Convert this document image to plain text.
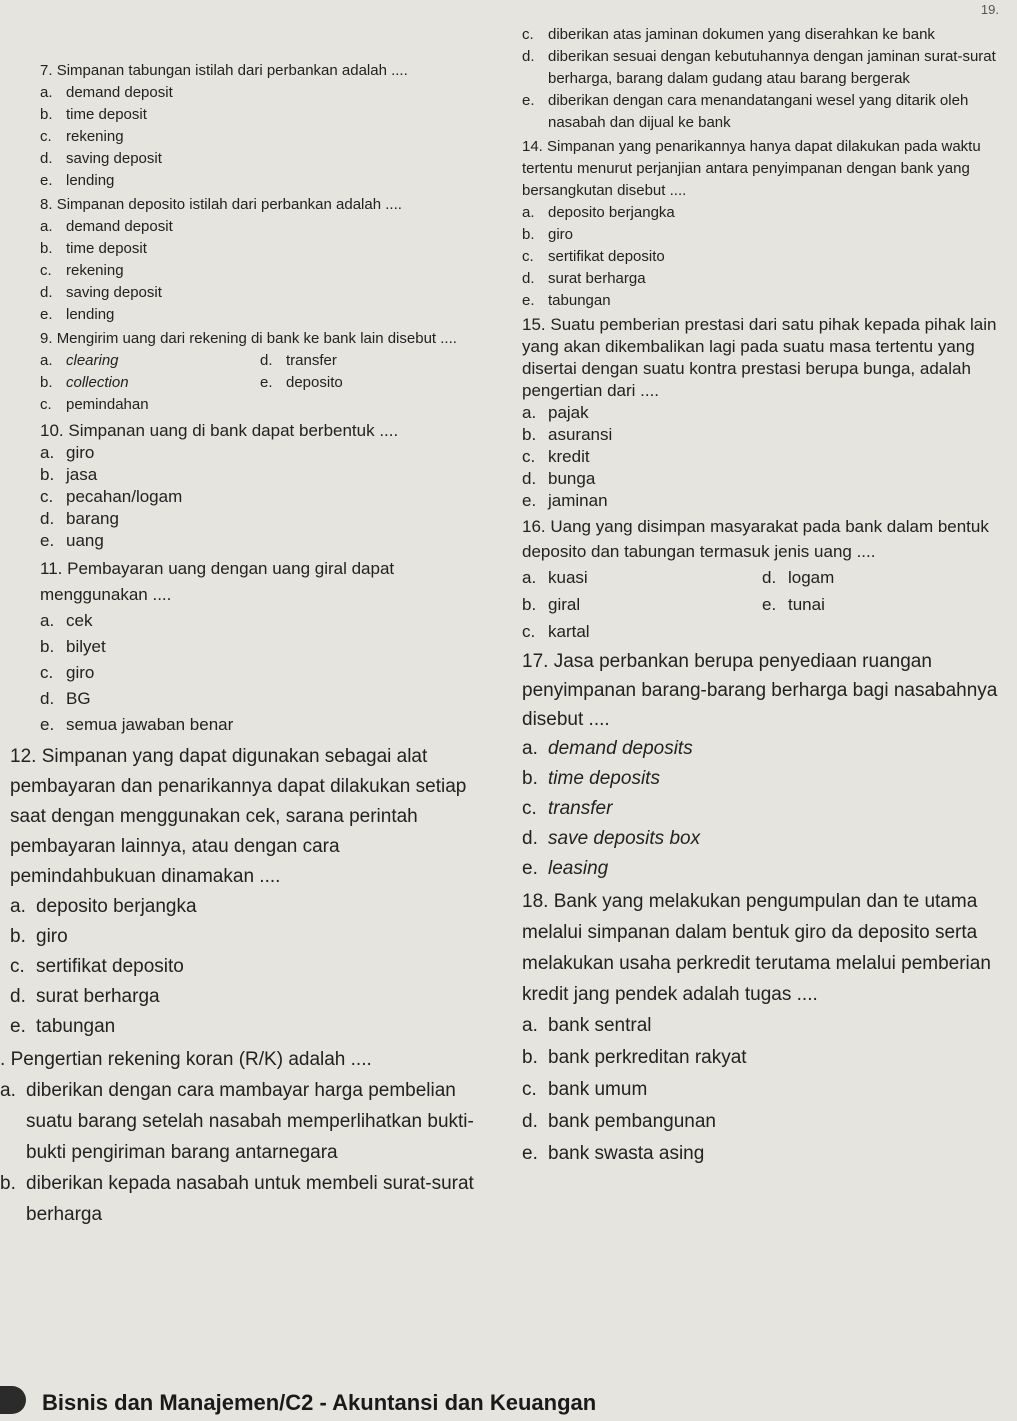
19.
7. Simpanan tabungan istilah dari perbankan adalah ....
a. demand deposit
b. time deposit
c. rekening
d. saving deposit
e. lending
8. Simpanan deposito istilah dari perbankan adalah ....
a. demand deposit
b. time deposit
c. rekening
d. saving deposit
e. lending
9. Mengirim uang dari rekening di bank ke bank lain disebut ....
a. clearing	d. transfer
b. collection	e. deposito
c. pemindahan
10. Simpanan uang di bank dapat berbentuk ....
a. giro
b. jasa
c. pecahan/logam
d. barang
e. uang
11. Pembayaran uang dengan uang giral dapat menggunakan ....
a. cek
b. bilyet
c. giro
d. BG
e. semua jawaban benar
12. Simpanan yang dapat digunakan sebagai alat pembayaran dan penarikannya dapat dilakukan setiap saat dengan menggunakan cek, sarana perintah pembayaran lainnya, atau dengan cara pemindahbukuan dinamakan ....
a. deposito berjangka
b. giro
c. sertifikat deposito
d. surat berharga
e. tabungan
. Pengertian rekening koran (R/K) adalah ....
a. diberikan dengan cara mambayar harga pembelian suatu barang setelah nasabah memperlihatkan bukti-bukti pengiriman barang antarnegara
b. diberikan kepada nasabah untuk membeli surat-surat berharga
c. diberikan atas jaminan dokumen yang diserahkan ke bank
d. diberikan sesuai dengan kebutuhannya dengan jaminan surat-surat berharga, barang dalam gudang atau barang bergerak
e. diberikan dengan cara menandatangani wesel yang ditarik oleh nasabah dan dijual ke bank
14. Simpanan yang penarikannya hanya dapat dilakukan pada waktu tertentu menurut perjanjian antara penyimpanan dengan bank yang bersangkutan disebut ....
a. deposito berjangka
b. giro
c. sertifikat deposito
d. surat berharga
e. tabungan
15. Suatu pemberian prestasi dari satu pihak kepada pihak lain yang akan dikembalikan lagi pada suatu masa tertentu yang disertai dengan suatu kontra prestasi berupa bunga, adalah pengertian dari ....
a. pajak
b. asuransi
c. kredit
d. bunga
e. jaminan
16. Uang yang disimpan masyarakat pada bank dalam bentuk deposito dan tabungan termasuk jenis uang ....
a. kuasi	d. logam
b. giral	e. tunai
c. kartal
17. Jasa perbankan berupa penyediaan ruangan penyimpanan barang-barang berharga bagi nasabahnya disebut ....
a. demand deposits
b. time deposits
c. transfer
d. save deposits box
e. leasing
18. Bank yang melakukan pengumpulan dan te utama melalui simpanan dalam bentuk giro da deposito serta melakukan usaha perkredit terutama melalui pemberian kredit jang pendek adalah tugas ....
a. bank sentral
b. bank perkreditan rakyat
c. bank umum
d. bank pembangunan
e. bank swasta asing
Bisnis dan Manajemen/C2 - Akuntansi dan Keuangan
